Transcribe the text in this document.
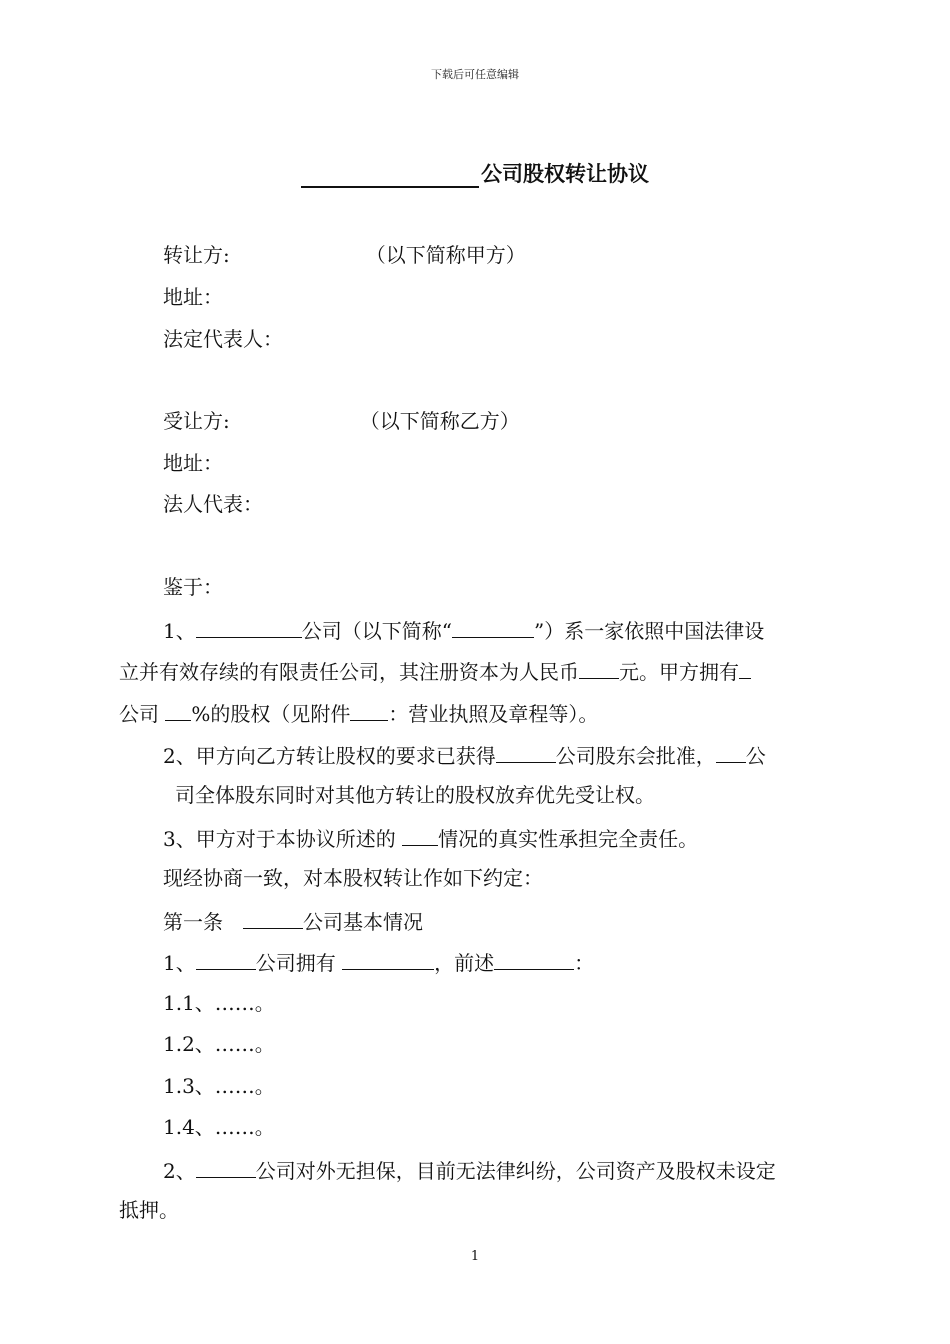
下载后可任意编辑
公司股权转让协议
转让方:	（以下简称甲方）
地址：
法定代表人：
受让方:	（以下简称乙方）
地址：
法人代表：
鉴于：
1、	公司（以下简称“	”）系一家依照中国法律设
立并有效存续的有限责任公司，其注册资本为人民币 元。甲方拥有
公司 %的股权（见附件 ：营业执照及章程等）。
2、甲方向乙方转让股权的要求已获得	公司股东会批准， 公
司全体股东同时对其他方转让的股权放弃优先受让权。
3、甲方对于本协议所述的 情况的真实性承担完全责任。
现经协商一致，对本股权转让作如下约定：
第一条　	公司基本情况
1、	公司拥有	，前述	：
1.1、……。
1.2、……。
1.3、……。
1.4、……。
2、	公司对外无担保，目前无法律纠纷，公司资产及股权未设定
抵押。
1
